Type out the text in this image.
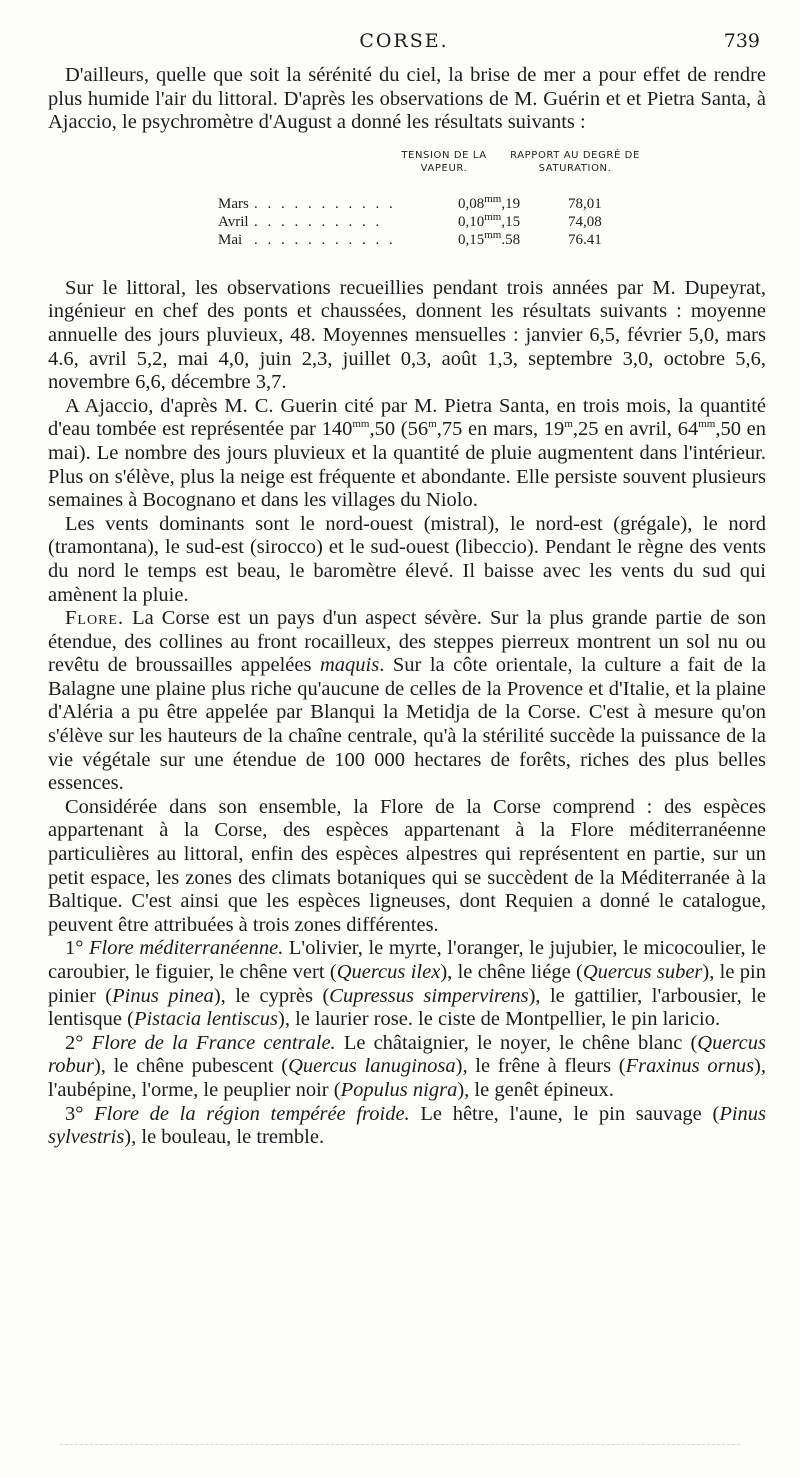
CORSE.	739

D'ailleurs, quelle que soit la sérénité du ciel, la brise de mer a pour effet de rendre plus humide l'air du littoral. D'après les observations de M. Guérin et et Pietra Santa, à Ajaccio, le psychromètre d'August a donné les résultats suivants :

TENSION DE LA VAPEUR.
RAPPORT AU DEGRÉ DE SATURATION.
Mars . . . . . . . . . . .	$0,08^{mm},19$	78,01
Avril . . . . . . . . . .	$0,10^{mm},15$	74,08
Mai . . . . . . . . . . .	$0,15^{mm}.58$	76.41

Sur le littoral, les observations recueillies pendant trois années par M. Dupeyrat, ingénieur en chef des ponts et chaussées, donnent les résultats suivants : moyenne annuelle des jours pluvieux, 48. Moyennes mensuelles : janvier 6,5, février 5,0, mars 4.6, avril 5,2, mai 4,0, juin 2,3, juillet 0,3, août 1,3, septembre 3,0, octobre 5,6, novembre 6,6, décembre 3,7.

A Ajaccio, d'après M. C. Guerin cité par M. Pietra Santa, en trois mois, la quantité d'eau tombée est représentée par $140^{mm},50$ (56$^m$,75 en mars, 19$^m$,25 en avril, $64^{mm},50$ en mai). Le nombre des jours pluvieux et la quantité de pluie augmentent dans l'intérieur. Plus on s'élève, plus la neige est fréquente et abondante. Elle persiste souvent plusieurs semaines à Bocognano et dans les villages du Niolo.

Les vents dominants sont le nord-ouest (mistral), le nord-est (grégale), le nord (tramontana), le sud-est (sirocco) et le sud-ouest (libeccio). Pendant le règne des vents du nord le temps est beau, le baromètre élevé. Il baisse avec les vents du sud qui amènent la pluie.

Flore. La Corse est un pays d'un aspect sévère. Sur la plus grande partie de son étendue, des collines au front rocailleux, des steppes pierreux montrent un sol nu ou revêtu de broussailles appelées maquis. Sur la côte orientale, la culture a fait de la Balagne une plaine plus riche qu'aucune de celles de la Provence et d'Italie, et la plaine d'Aléria a pu être appelée par Blanqui la Metidja de la Corse. C'est à mesure qu'on s'élève sur les hauteurs de la chaîne centrale, qu'à la stérilité succède la puissance de la vie végétale sur une étendue de 100 000 hectares de forêts, riches des plus belles essences.

Considérée dans son ensemble, la Flore de la Corse comprend : des espèces appartenant à la Corse, des espèces appartenant à la Flore méditerranéenne particulières au littoral, enfin des espèces alpestres qui représentent en partie, sur un petit espace, les zones des climats botaniques qui se succèdent de la Méditerranée à la Baltique. C'est ainsi que les espèces ligneuses, dont Requien a donné le catalogue, peuvent être attribuées à trois zones différentes.

1° Flore méditerranéenne. L'olivier, le myrte, l'oranger, le jujubier, le micocoulier, le caroubier, le figuier, le chêne vert (Quercus ilex), le chêne liége (Quercus suber), le pin pinier (Pinus pinea), le cyprès (Cupressus simpervirens), le gattilier, l'arbousier, le lentisque (Pistacia lentiscus), le laurier rose. le ciste de Montpellier, le pin laricio.

2° Flore de la France centrale. Le châtaignier, le noyer, le chêne blanc (Quercus robur), le chêne pubescent (Quercus lanuginosa), le frêne à fleurs (Fraxinus ornus), l'aubépine, l'orme, le peuplier noir (Populus nigra), le genêt épineux.

3° Flore de la région tempérée froide. Le hêtre, l'aune, le pin sauvage (Pinus sylvestris), le bouleau, le tremble.
